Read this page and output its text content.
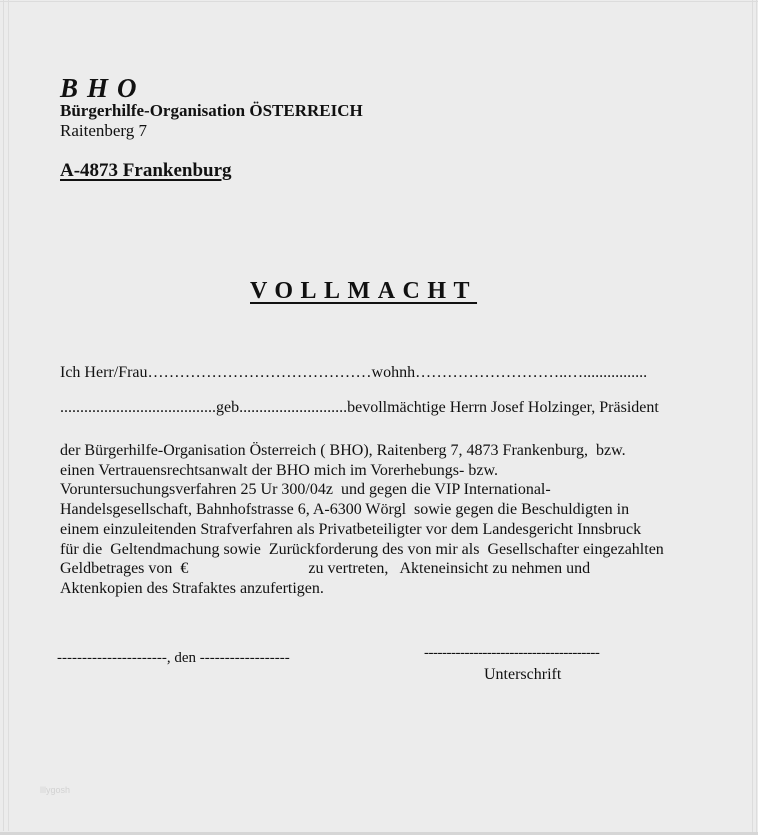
BHO
Bürgerhilfe-Organisation ÖSTERREICH
Raitenberg 7
A-4873 Frankenburg
VOLLMACHT
Ich Herr/Frau……………………………………wohnh………………………..…................
.......................................geb...........................bevollmächtige Herrn Josef Holzinger, Präsident
der Bürgerhilfe-Organisation Österreich ( BHO), Raitenberg 7, 4873 Frankenburg,  bzw.
einen Vertrauensrechtsanwalt der BHO mich im Vorerhebungs- bzw.
Voruntersuchungsverfahren 25 Ur 300/04z  und gegen die VIP International-
Handelsgesellschaft, Bahnhofstrasse 6, A-6300 Wörgl  sowie gegen die Beschuldigten in
einem einzuleitenden Strafverfahren als Privatbeteiligter vor dem Landesgericht Innsbruck
für die  Geltendmachung sowie  Zurückforderung des von mir als  Gesellschafter eingezahlten
Geldbetrages von  €                              zu vertreten,   Akteneinsicht zu nehmen und
Aktenkopien des Strafaktes anzufertigen.
----------------------, den ------------------	---------------------------------------
Unterschrift
lllygosh
